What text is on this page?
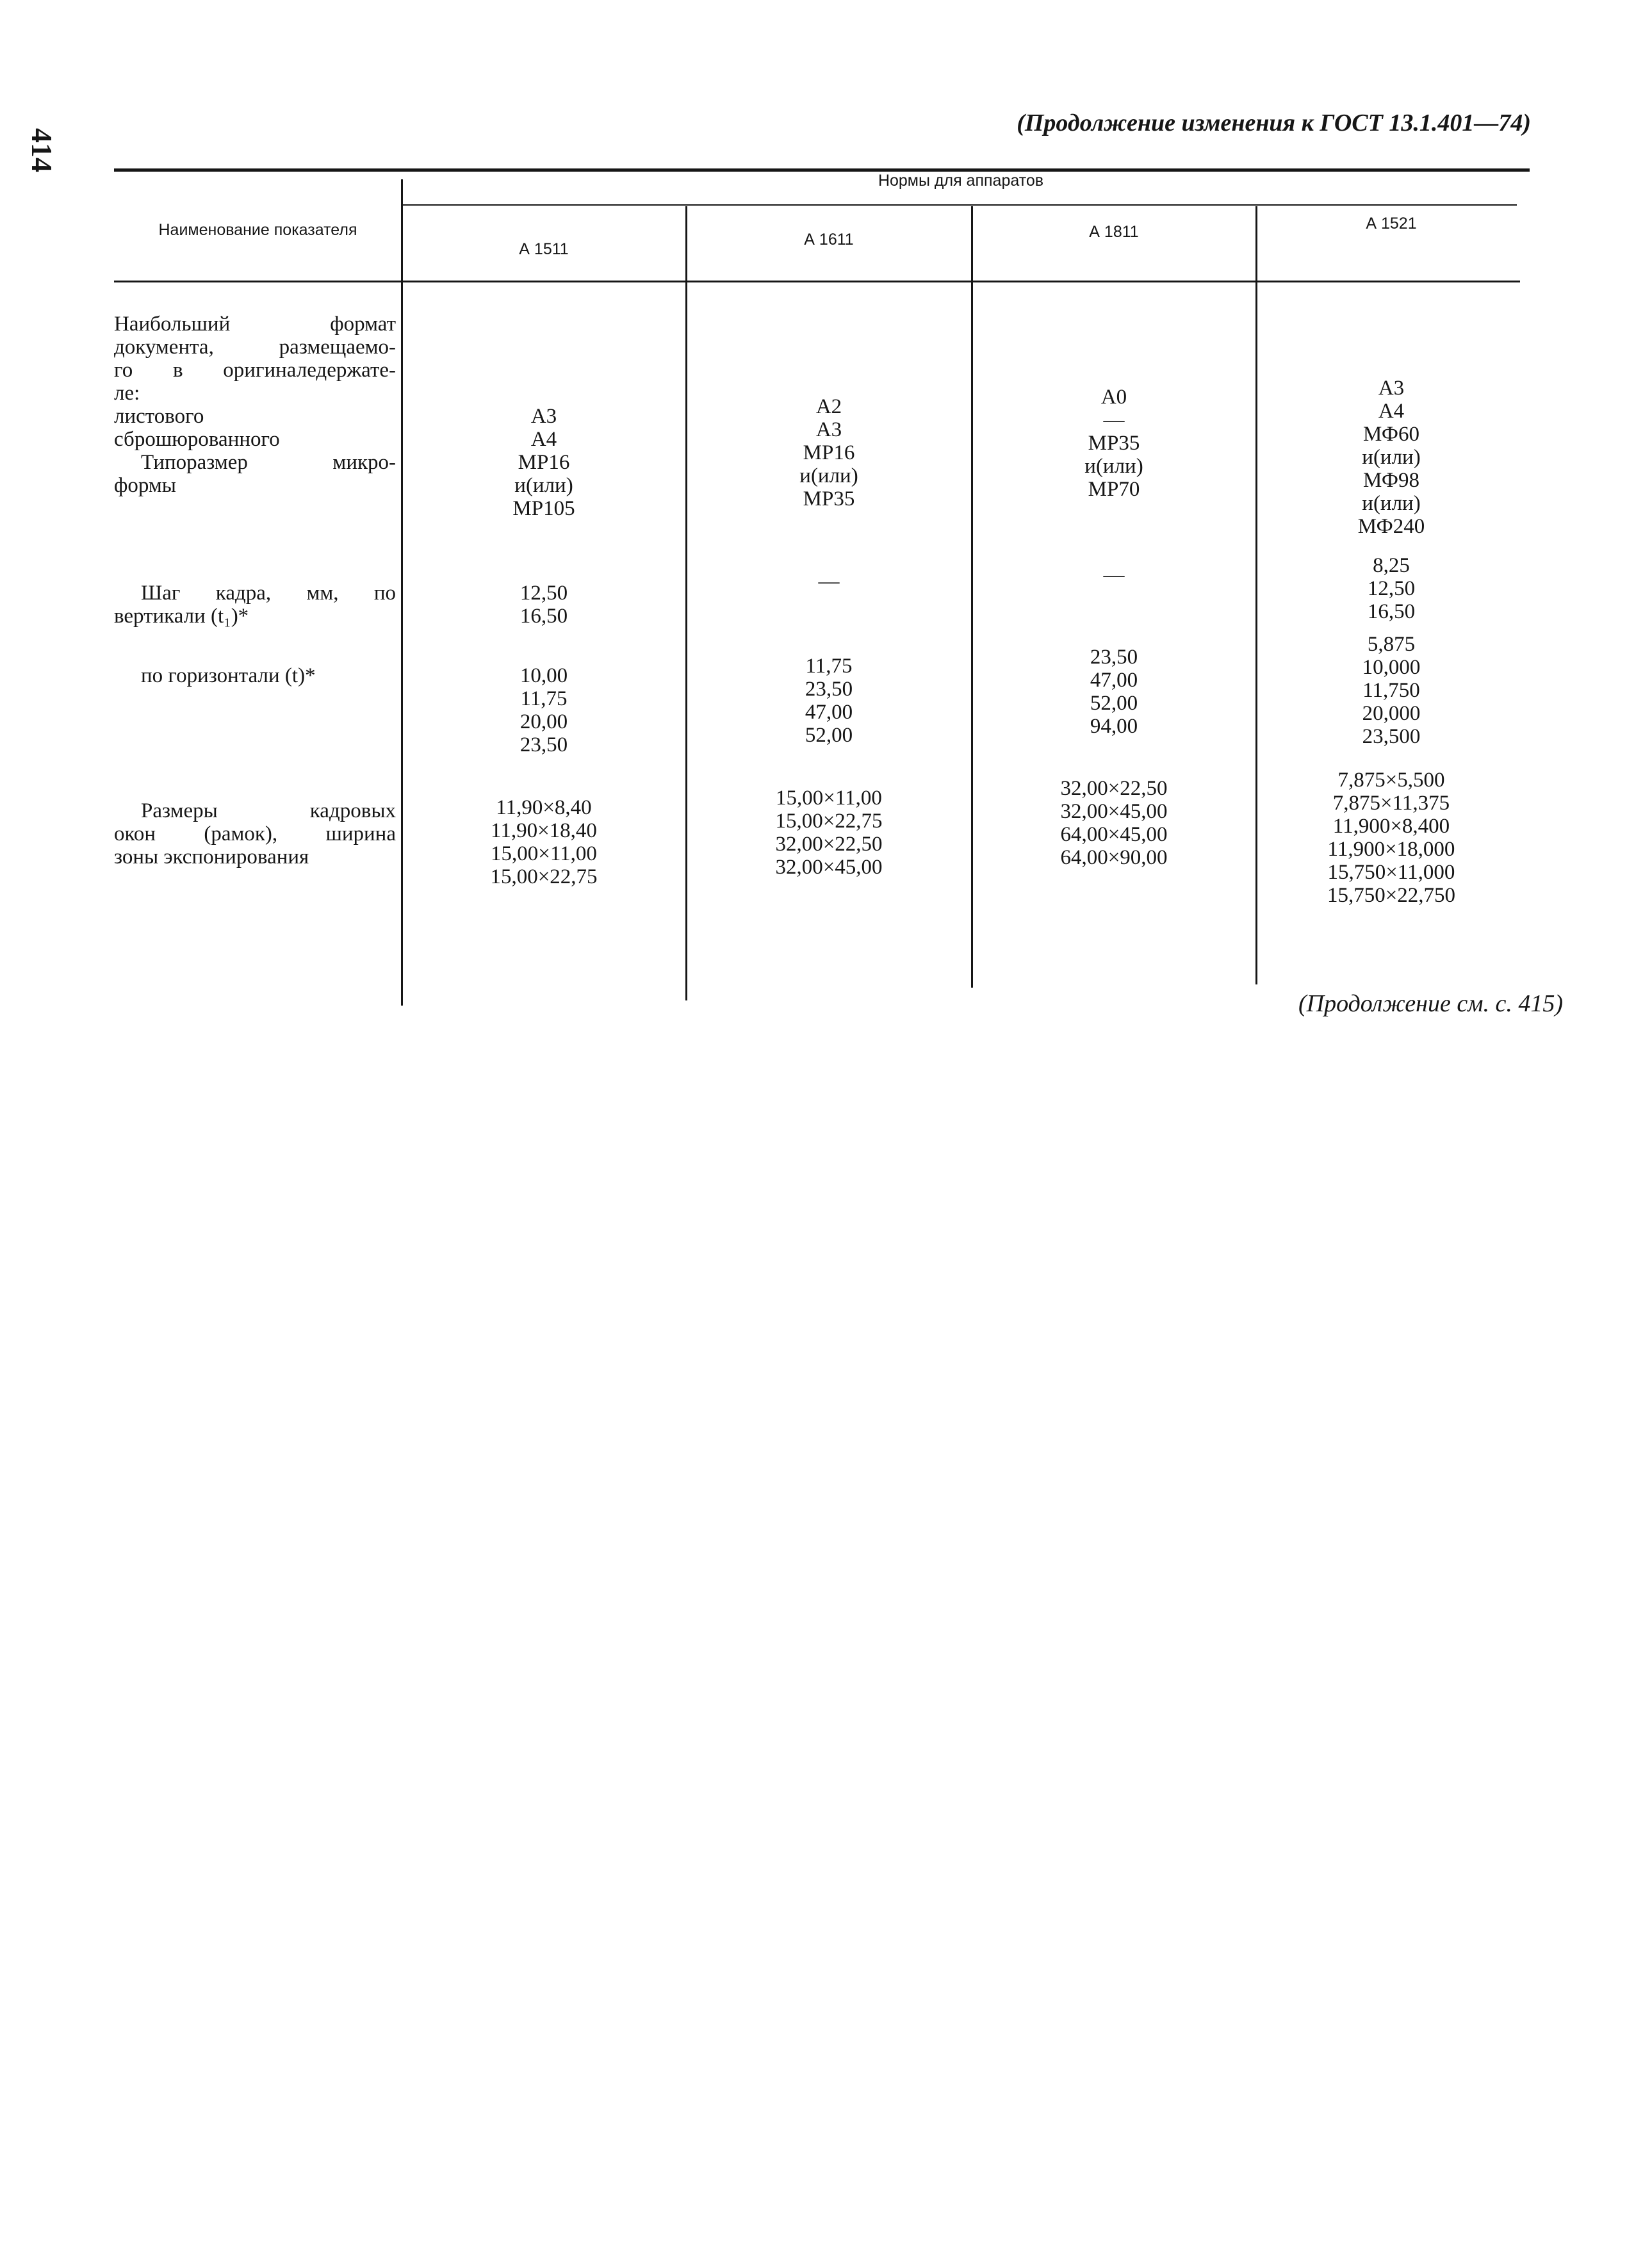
414
(Продолжение изменения к ГОСТ 13.1.401—74)
Наименование показателя
Нормы для аппаратов
А 1511
А 1611	А 1811	А 1521
Наибольший формат
документа, размещаемо-
го в оригиналедержате-
ле:
листового
сброшюрованного
Типоразмер микро-
формы
Шаг кадра, мм, по
вертикали (t₁)*
по горизонтали (t)*
Размеры кадровых
окон (рамок), ширина
зоны экспонирования
А3
А4
МР16
и(или)
МР105
12,50
16,50
10,00
11,75
20,00
23,50
11,90×8,40
11,90×18,40
15,00×11,00
15,00×22,75
А2
А3
МР16
и(или)
МР35
—
11,75
23,50
47,00
52,00
15,00×11,00
15,00×22,75
32,00×22,50
32,00×45,00
А0
—
МР35
и(или)
МР70
—
23,50
47,00
52,00
94,00
32,00×22,50
32,00×45,00
64,00×45,00
64,00×90,00
А3
А4
МФ60
и(или)
МФ98
и(или)
МФ240
8,25
12,50
16,50
5,875
10,000
11,750
20,000
23,500
7,875×5,500
7,875×11,375
11,900×8,400
11,900×18,000
15,750×11,000
15,750×22,750
(Продолжение см. с. 415)
